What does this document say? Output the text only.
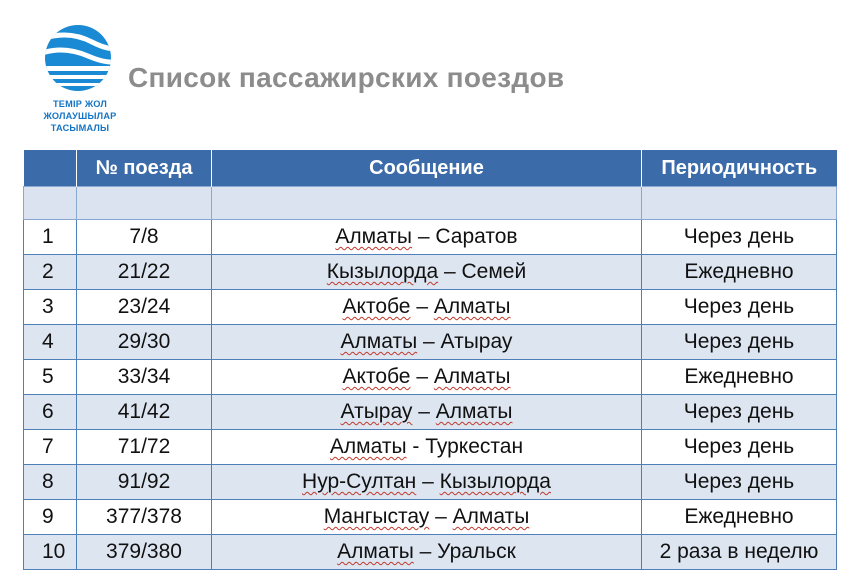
ТЕМІР ЖОЛ
ЖОЛАУШЫЛАР
ТАСЫМАЛЫ
Список пассажирских поездов
	№ поезда	Сообщение	Периодичность

1	7/8	Алматы – Саратов	Через день
2	21/22	Кызылорда – Семей	Ежедневно
3	23/24	Актобе – Алматы	Через день
4	29/30	Алматы – Атырау	Через день
5	33/34	Актобе – Алматы	Ежедневно
6	41/42	Атырау – Алматы	Через день
7	71/72	Алматы - Туркестан	Через день
8	91/92	Нур-Султан – Кызылорда	Через день
9	377/378	Мангыстау – Алматы	Ежедневно
10	379/380	Алматы – Уральск	2 раза в неделю
